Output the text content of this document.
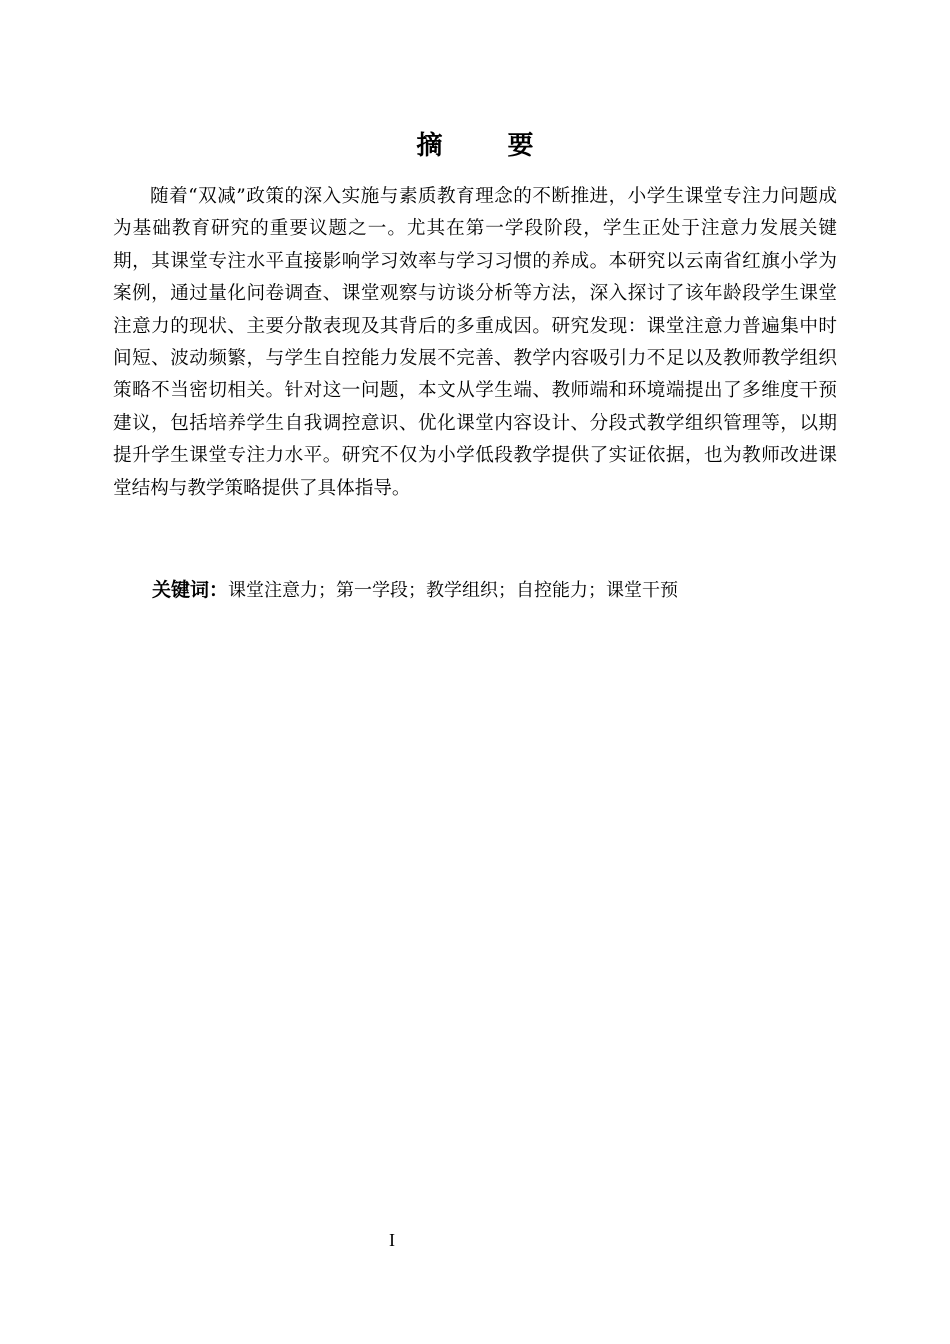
摘 要

随着“双减”政策的深入实施与素质教育理念的不断推进，小学生课堂专注力问题成为基础教育研究的重要议题之一。尤其在第一学段阶段，学生正处于注意力发展关键期，其课堂专注水平直接影响学习效率与学习习惯的养成。本研究以云南省红旗小学为案例，通过量化问卷调查、课堂观察与访谈分析等方法，深入探讨了该年龄段学生课堂注意力的现状、主要分散表现及其背后的多重成因。研究发现：课堂注意力普遍集中时间短、波动频繁，与学生自控能力发展不完善、教学内容吸引力不足以及教师教学组织策略不当密切相关。针对这一问题，本文从学生端、教师端和环境端提出了多维度干预建议，包括培养学生自我调控意识、优化课堂内容设计、分段式教学组织管理等，以期提升学生课堂专注力水平。研究不仅为小学低段教学提供了实证依据，也为教师改进课堂结构与教学策略提供了具体指导。

关键词：课堂注意力；第一学段；教学组织；自控能力；课堂干预
I
